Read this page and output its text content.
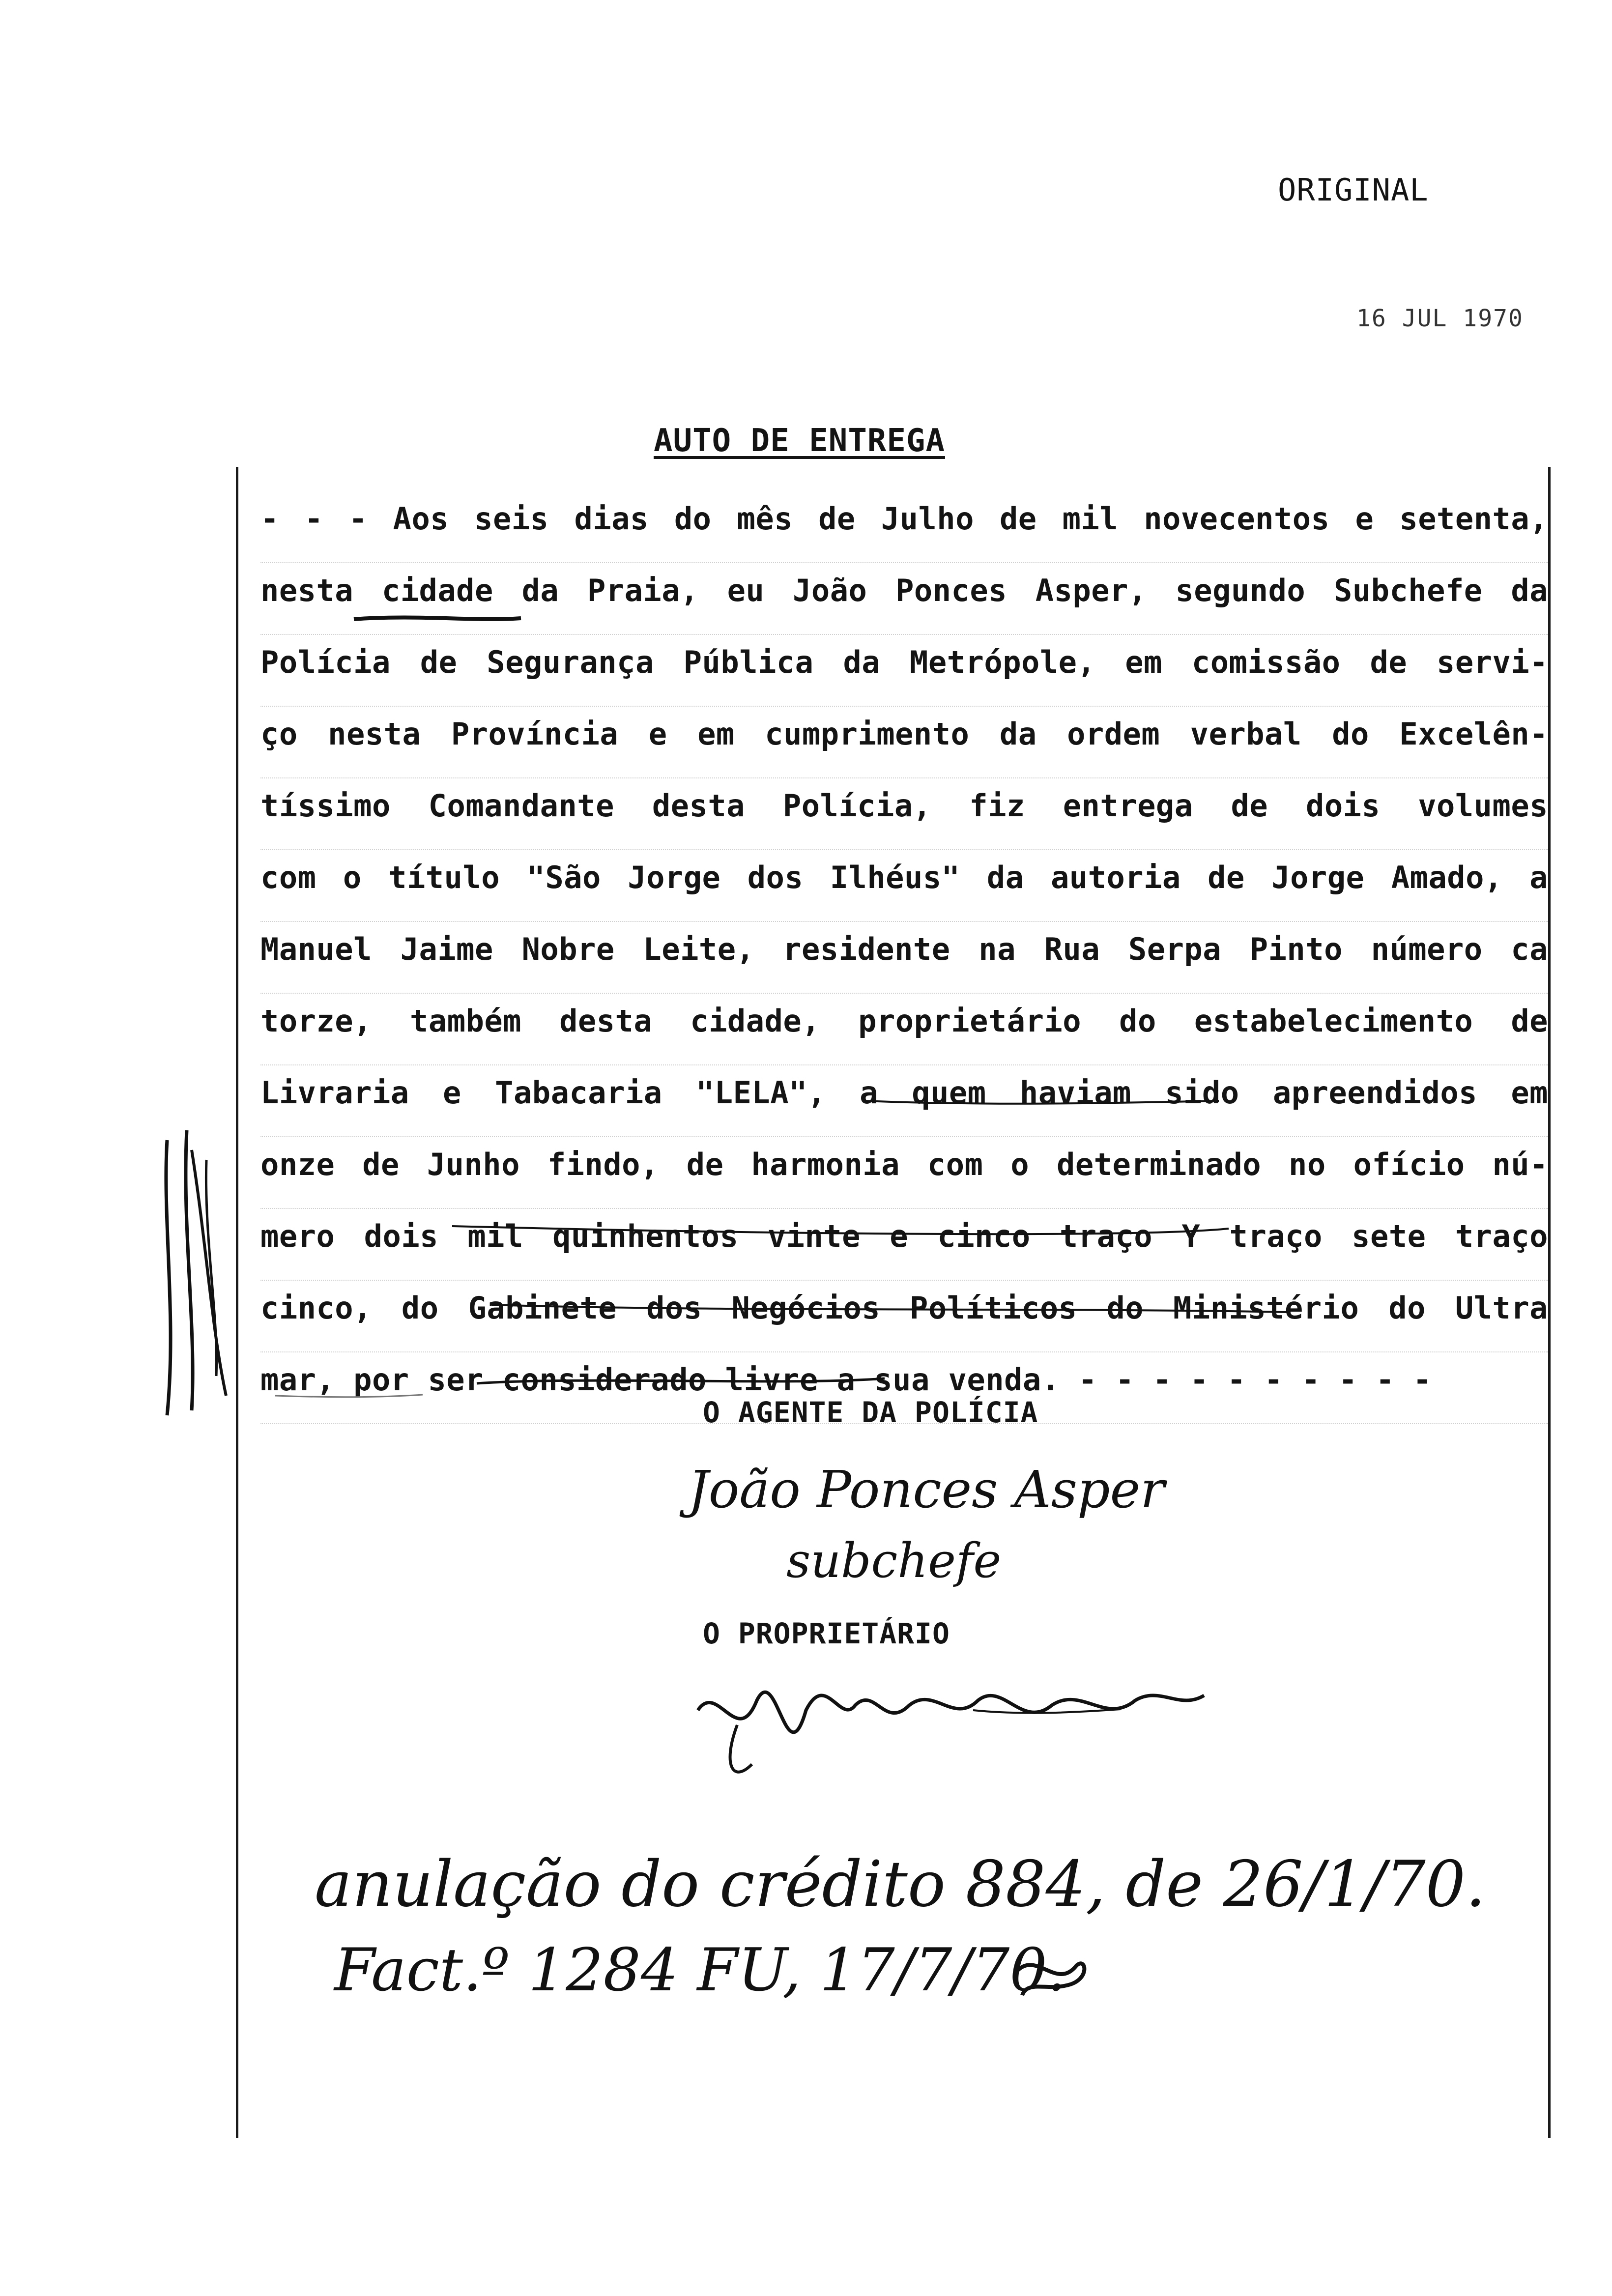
ORIGINAL
16 JUL 1970
AUTO DE ENTREGA
- - - Aos seis dias do mês de Julho de mil novecentos e setenta,
nesta cidade da Praia, eu João Ponces Asper, segundo Subchefe da
Polícia de Segurança Pública da Metrópole, em comissão de servi-
ço nesta Província e em cumprimento da ordem verbal do Excelên-
tíssimo Comandante desta Polícia, fiz entrega de dois volumes
com o título "São Jorge dos Ilhéus" da autoria de Jorge Amado, a
Manuel Jaime Nobre Leite, residente na Rua Serpa Pinto número ca
torze, também desta cidade, proprietário do estabelecimento de
Livraria e Tabacaria "LELA", a quem haviam sido apreendidos em
onze de Junho findo, de harmonia com o determinado no ofício nú-
mero dois mil quinhentos vinte e cinco traço Y traço sete traço
cinco, do Gabinete dos Negócios Políticos do Ministério do Ultra
mar, por ser considerado livre a sua venda. - - - - - - - - - -
O AGENTE DA POLÍCIA
João Ponces Asper
subchefe
O PROPRIETÁRIO
anulação do crédito 884, de 26/1/70.
Fact.º 1284 FU, 17/7/70.
